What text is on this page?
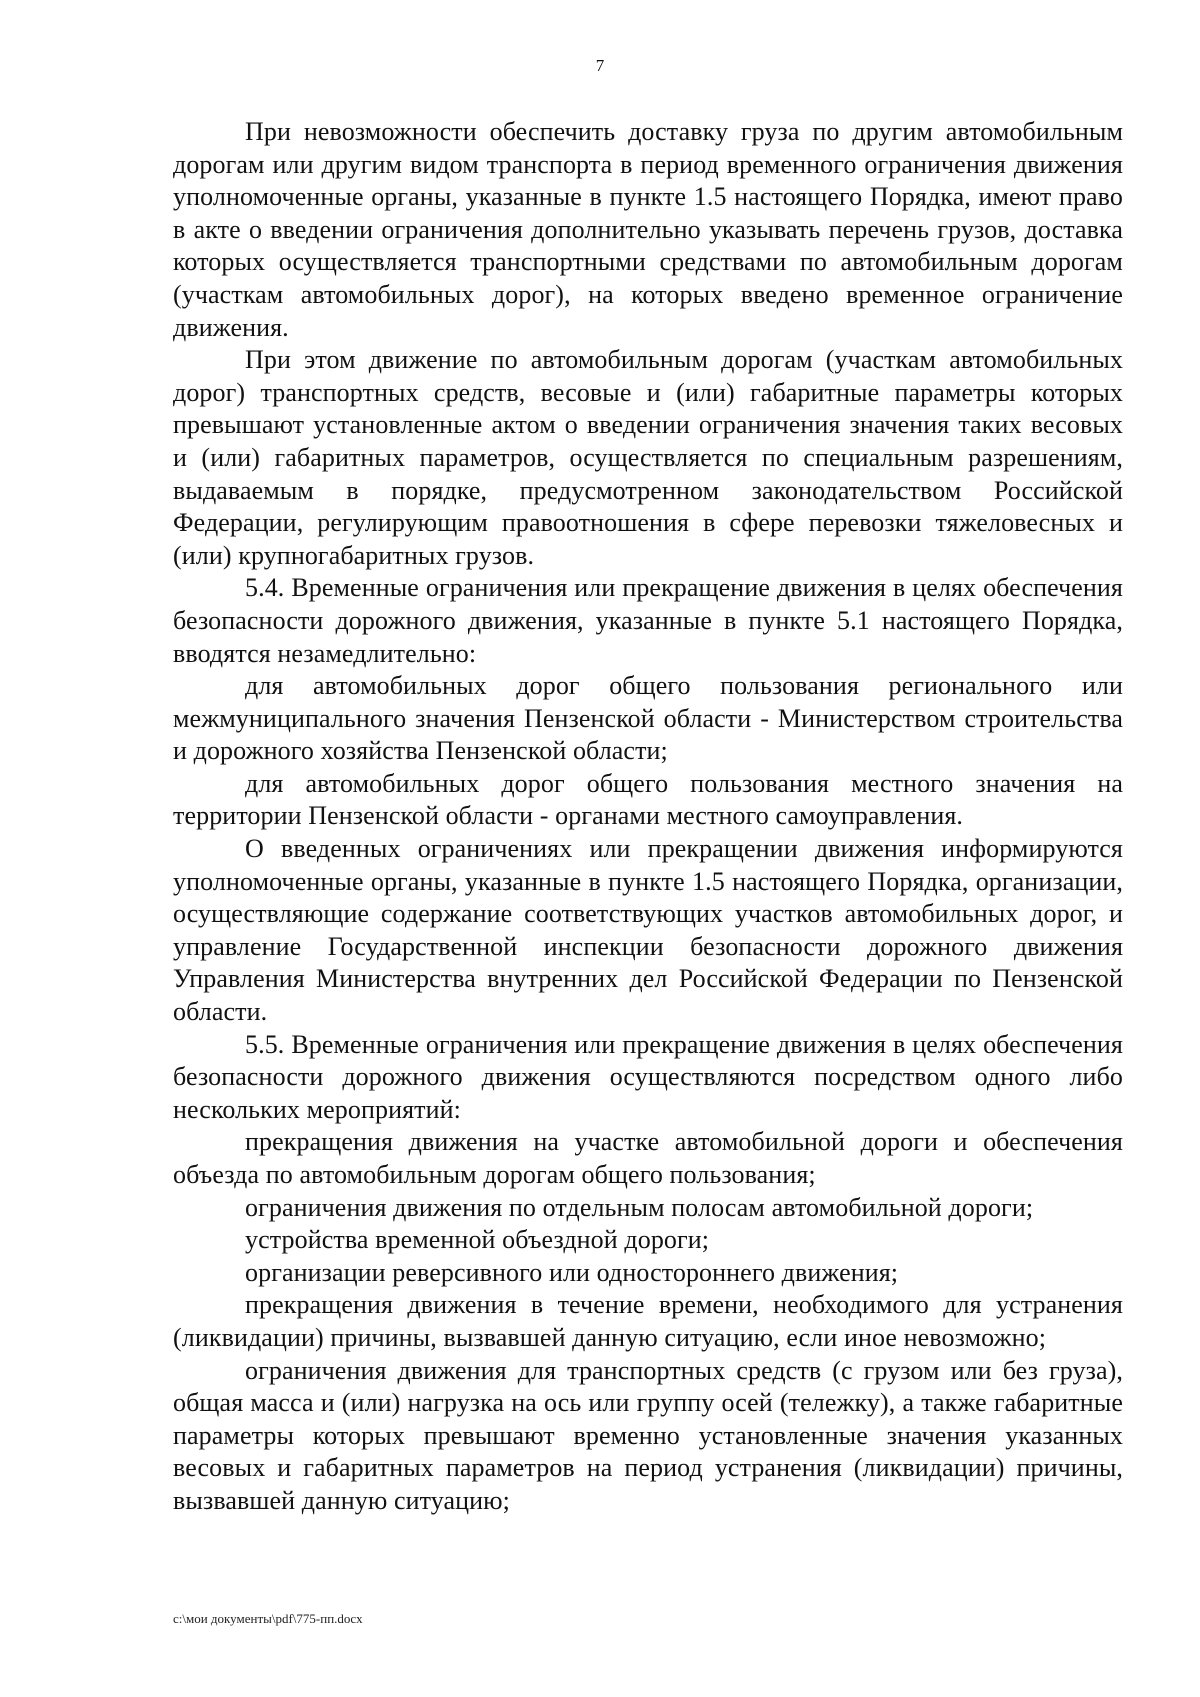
7

При невозможности обеспечить доставку груза по другим автомобильным дорогам или другим видом транспорта в период временного ограничения движения уполномоченные органы, указанные в пункте 1.5 настоящего Порядка, имеют право в акте о введении ограничения дополнительно указывать перечень грузов, доставка которых осуществляется транспортными средствами по автомобильным дорогам (участкам автомобильных дорог), на которых введено временное ограничение движения.

При этом движение по автомобильным дорогам (участкам автомобильных дорог) транспортных средств, весовые и (или) габаритные параметры которых превышают установленные актом о введении ограничения значения таких весовых и (или) габаритных параметров, осуществляется по специальным разрешениям, выдаваемым в порядке, предусмотренном законодательством Российской Федерации, регулирующим правоотношения в сфере перевозки тяжеловесных и (или) крупногабаритных грузов.

5.4. Временные ограничения или прекращение движения в целях обеспечения безопасности дорожного движения, указанные в пункте 5.1 настоящего Порядка, вводятся незамедлительно:

для автомобильных дорог общего пользования регионального или межмуниципального значения Пензенской области - Министерством строительства и дорожного хозяйства Пензенской области;

для автомобильных дорог общего пользования местного значения на территории Пензенской области - органами местного самоуправления.

О введенных ограничениях или прекращении движения информируются уполномоченные органы, указанные в пункте 1.5 настоящего Порядка, организации, осуществляющие содержание соответствующих участков автомобильных дорог, и управление Государственной инспекции безопасности дорожного движения Управления Министерства внутренних дел Российской Федерации по Пензенской области.

5.5. Временные ограничения или прекращение движения в целях обеспечения безопасности дорожного движения осуществляются посредством одного либо нескольких мероприятий:

прекращения движения на участке автомобильной дороги и обеспечения объезда по автомобильным дорогам общего пользования;

ограничения движения по отдельным полосам автомобильной дороги;

устройства временной объездной дороги;

организации реверсивного или одностороннего движения;

прекращения движения в течение времени, необходимого для устранения (ликвидации) причины, вызвавшей данную ситуацию, если иное невозможно;

ограничения движения для транспортных средств (с грузом или без груза), общая масса и (или) нагрузка на ось или группу осей (тележку), а также габаритные параметры которых превышают временно установленные значения указанных весовых и габаритных параметров на период устранения (ликвидации) причины, вызвавшей данную ситуацию;

c:\мои документы\pdf\775-пп.docx
